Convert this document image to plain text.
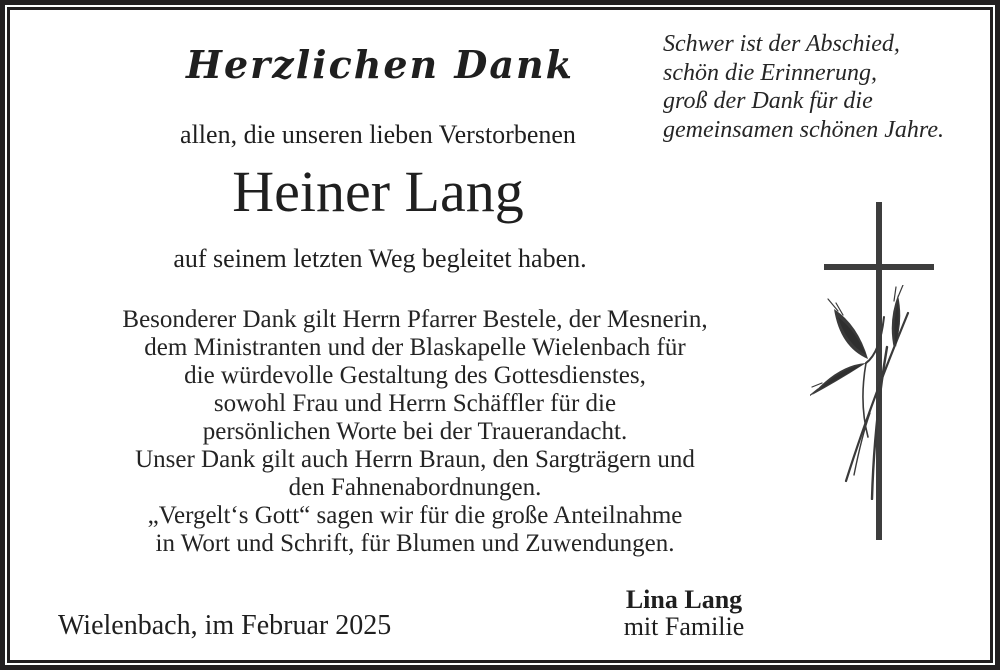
Herzlichen Dank	Schwer ist der Abschied,
schön die Erinnerung,
groß der Dank für die
gemeinsamen schönen Jahre.
allen, die unseren lieben Verstorbenen
Heiner Lang
auf seinem letzten Weg begleitet haben.
Besonderer Dank gilt Herrn Pfarrer Bestele, der Mesnerin,
dem Ministranten und der Blaskapelle Wielenbach für
die würdevolle Gestaltung des Gottesdienstes,
sowohl Frau und Herrn Schäffler für die
persönlichen Worte bei der Trauerandacht.
Unser Dank gilt auch Herrn Braun, den Sargträgern und
den Fahnenabordnungen.
„Vergelt‘s Gott“ sagen wir für die große Anteilnahme
in Wort und Schrift, für Blumen und Zuwendungen.
Wielenbach, im Februar 2025
Lina Lang
mit Familie
